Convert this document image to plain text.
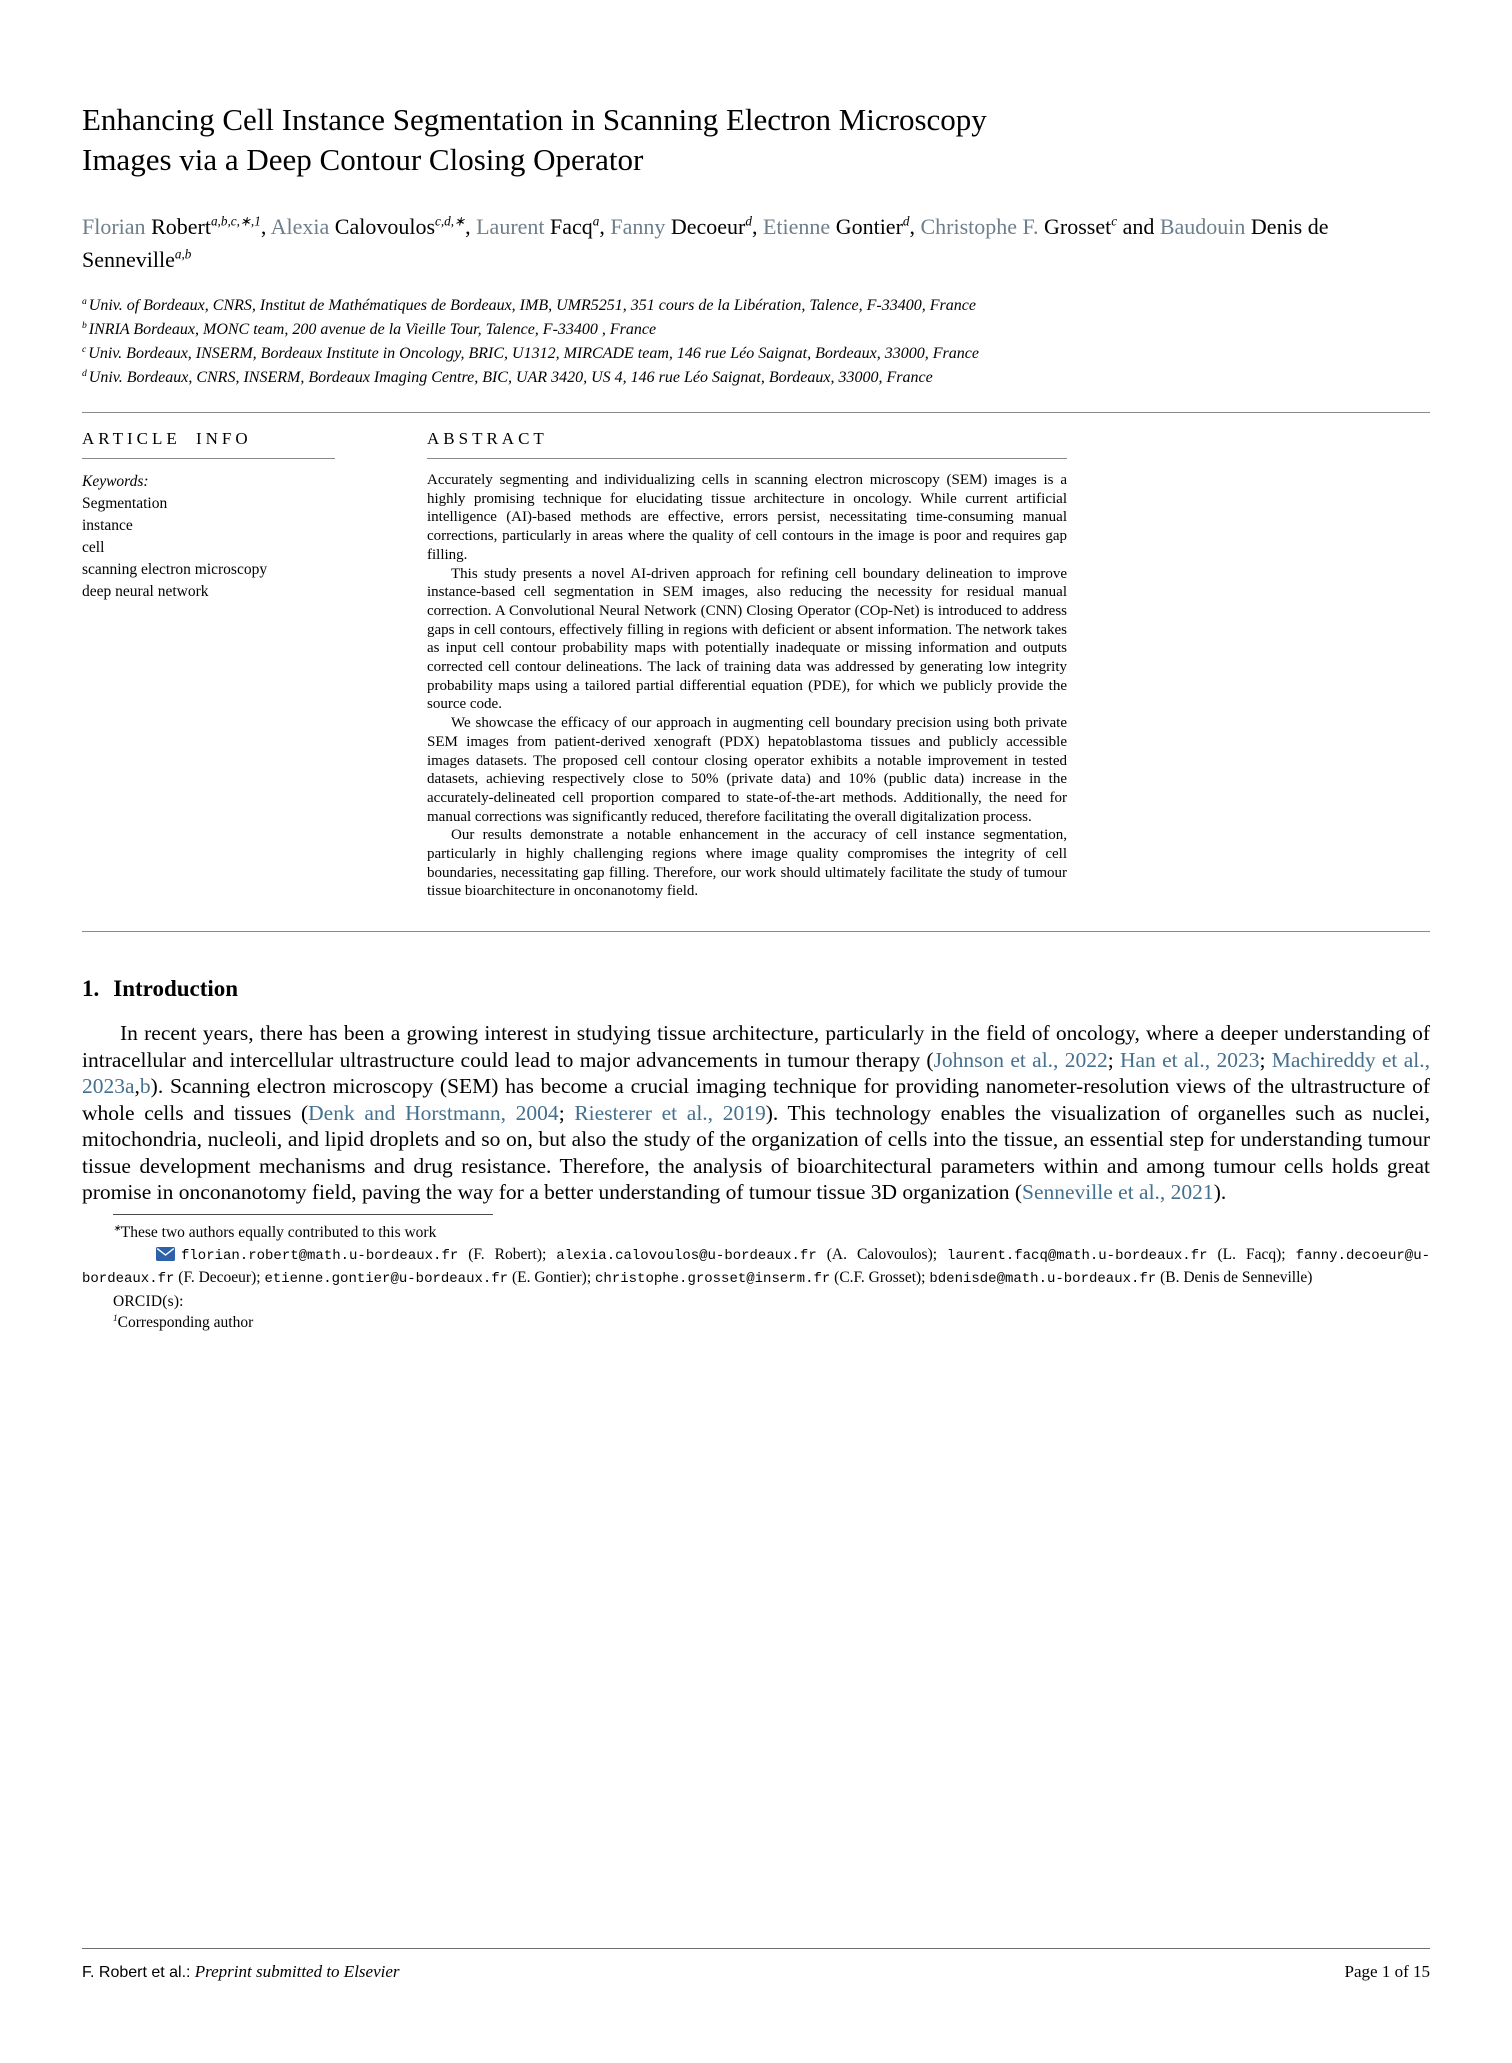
Enhancing Cell Instance Segmentation in Scanning Electron Microscopy Images via a Deep Contour Closing Operator
Florian Robert$^{a,b,c,∗,1}$, Alexia Calovoulos$^{c,d,∗}$, Laurent Facq$^a$, Fanny Decoeur$^d$, Etienne Gontier$^d$, Christophe F. Grosset$^c$ and Baudouin Denis de Senneville$^{a,b}$
$^a$ Univ. of Bordeaux, CNRS, Institut de Mathématiques de Bordeaux, IMB, UMR5251, 351 cours de la Libération, Talence, F-33400, France
$^b$ INRIA Bordeaux, MONC team, 200 avenue de la Vieille Tour, Talence, F-33400 , France
$^c$ Univ. Bordeaux, INSERM, Bordeaux Institute in Oncology, BRIC, U1312, MIRCADE team, 146 rue Léo Saignat, Bordeaux, 33000, France
$^d$ Univ. Bordeaux, CNRS, INSERM, Bordeaux Imaging Centre, BIC, UAR 3420, US 4, 146 rue Léo Saignat, Bordeaux, 33000, France
ARTICLE INFO
Keywords:
Segmentation
instance
cell
scanning electron microscopy
deep neural network
ABSTRACT

Accurately segmenting and individualizing cells in scanning electron microscopy (SEM) images is a highly promising technique for elucidating tissue architecture in oncology. While current artificial intelligence (AI)-based methods are effective, errors persist, necessitating time-consuming manual corrections, particularly in areas where the quality of cell contours in the image is poor and requires gap filling.

This study presents a novel AI-driven approach for refining cell boundary delineation to improve instance-based cell segmentation in SEM images, also reducing the necessity for residual manual correction. A Convolutional Neural Network (CNN) Closing Operator (COp-Net) is introduced to address gaps in cell contours, effectively filling in regions with deficient or absent information. The network takes as input cell contour probability maps with potentially inadequate or missing information and outputs corrected cell contour delineations. The lack of training data was addressed by generating low integrity probability maps using a tailored partial differential equation (PDE), for which we publicly provide the source code.

We showcase the efficacy of our approach in augmenting cell boundary precision using both private SEM images from patient-derived xenograft (PDX) hepatoblastoma tissues and publicly accessible images datasets. The proposed cell contour closing operator exhibits a notable improvement in tested datasets, achieving respectively close to 50% (private data) and 10% (public data) increase in the accurately-delineated cell proportion compared to state-of-the-art methods. Additionally, the need for manual corrections was significantly reduced, therefore facilitating the overall digitalization process.

Our results demonstrate a notable enhancement in the accuracy of cell instance segmentation, particularly in highly challenging regions where image quality compromises the integrity of cell boundaries, necessitating gap filling. Therefore, our work should ultimately facilitate the study of tumour tissue bioarchitecture in onconanotomy field.

1. Introduction

In recent years, there has been a growing interest in studying tissue architecture, particularly in the field of oncology, where a deeper understanding of intracellular and intercellular ultrastructure could lead to major advancements in tumour therapy (Johnson et al., 2022; Han et al., 2023; Machireddy et al., 2023a,b). Scanning electron microscopy (SEM) has become a crucial imaging technique for providing nanometer-resolution views of the ultrastructure of whole cells and tissues (Denk and Horstmann, 2004; Riesterer et al., 2019). This technology enables the visualization of organelles such as nuclei, mitochondria, nucleoli, and lipid droplets and so on, but also the study of the organization of cells into the tissue, an essential step for understanding tumour tissue development mechanisms and drug resistance. Therefore, the analysis of bioarchitectural parameters within and among tumour cells holds great promise in onconanotomy field, paving the way for a better understanding of tumour tissue 3D organization (Senneville et al., 2021).

∗These two authors equally contributed to this work
florian.robert@math.u-bordeaux.fr (F. Robert); alexia.calovoulos@u-bordeaux.fr (A. Calovoulos); laurent.facq@math.u-bordeaux.fr (L. Facq); fanny.decoeur@u-bordeaux.fr (F. Decoeur); etienne.gontier@u-bordeaux.fr (E. Gontier); christophe.grosset@inserm.fr (C.F. Grosset); bdenisde@math.u-bordeaux.fr (B. Denis de Senneville)
ORCID(s):
$^1$Corresponding author
F. Robert et al.: Preprint submitted to Elsevier	Page 1 of 15
